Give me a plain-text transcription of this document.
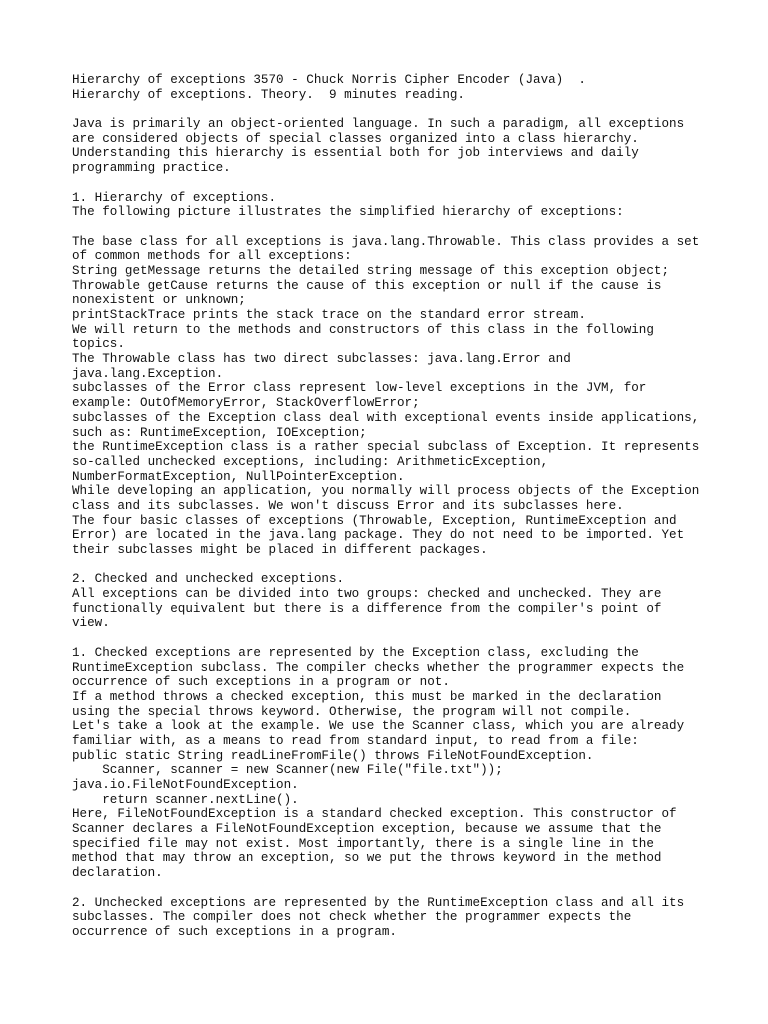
Hierarchy of exceptions 3570 - Chuck Norris Cipher Encoder (Java)  .
Hierarchy of exceptions. Theory.  9 minutes reading.
Java is primarily an object-oriented language. In such a paradigm, all exceptions
are considered objects of special classes organized into a class hierarchy.
Understanding this hierarchy is essential both for job interviews and daily
programming practice.
1. Hierarchy of exceptions.
The following picture illustrates the simplified hierarchy of exceptions:
The base class for all exceptions is java.lang.Throwable. This class provides a set
of common methods for all exceptions:
String getMessage returns the detailed string message of this exception object;
Throwable getCause returns the cause of this exception or null if the cause is
nonexistent or unknown;
printStackTrace prints the stack trace on the standard error stream.
We will return to the methods and constructors of this class in the following
topics.
The Throwable class has two direct subclasses: java.lang.Error and
java.lang.Exception.
subclasses of the Error class represent low-level exceptions in the JVM, for
example: OutOfMemoryError, StackOverflowError;
subclasses of the Exception class deal with exceptional events inside applications,
such as: RuntimeException, IOException;
the RuntimeException class is a rather special subclass of Exception. It represents
so-called unchecked exceptions, including: ArithmeticException,
NumberFormatException, NullPointerException.
While developing an application, you normally will process objects of the Exception
class and its subclasses. We won't discuss Error and its subclasses here.
The four basic classes of exceptions (Throwable, Exception, RuntimeException and
Error) are located in the java.lang package. They do not need to be imported. Yet
their subclasses might be placed in different packages.
2. Checked and unchecked exceptions.
All exceptions can be divided into two groups: checked and unchecked. They are
functionally equivalent but there is a difference from the compiler's point of
view.
1. Checked exceptions are represented by the Exception class, excluding the
RuntimeException subclass. The compiler checks whether the programmer expects the
occurrence of such exceptions in a program or not.
If a method throws a checked exception, this must be marked in the declaration
using the special throws keyword. Otherwise, the program will not compile.
Let's take a look at the example. We use the Scanner class, which you are already
familiar with, as a means to read from standard input, to read from a file:
public static String readLineFromFile() throws FileNotFoundException.
Scanner, scanner = new Scanner(new File("file.txt"));
java.io.FileNotFoundException.
return scanner.nextLine().
Here, FileNotFoundException is a standard checked exception. This constructor of
Scanner declares a FileNotFoundException exception, because we assume that the
specified file may not exist. Most importantly, there is a single line in the
method that may throw an exception, so we put the throws keyword in the method
declaration.
2. Unchecked exceptions are represented by the RuntimeException class and all its
subclasses. The compiler does not check whether the programmer expects the
occurrence of such exceptions in a program.
